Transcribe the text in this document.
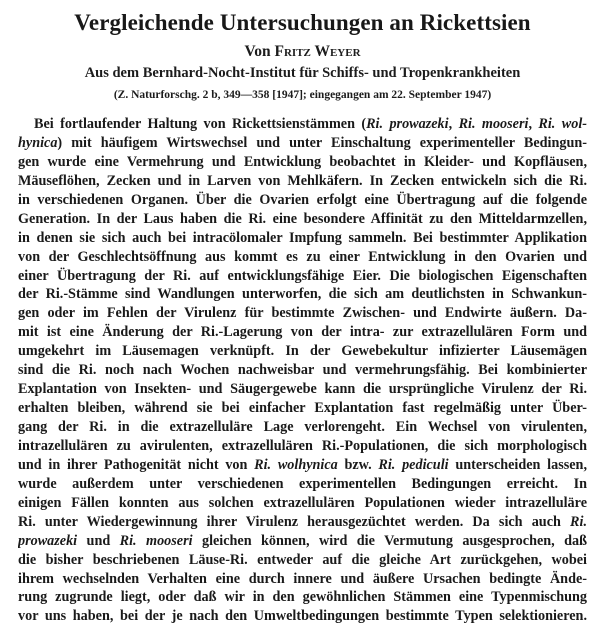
Vergleichende Untersuchungen an Rickettsien
Von Fritz Weyer
Aus dem Bernhard-Nocht-Institut für Schiffs- und Tropenkrankheiten
(Z. Naturforschg. 2 b, 349—358 [1947]; eingegangen am 22. September 1947)
Bei fortlaufender Haltung von Rickettsienstämmen (Ri. prowazeki, Ri. mooseri, Ri. wol-
hynica) mit häufigem Wirtswechsel und unter Einschaltung experimenteller Bedingun-
gen wurde eine Vermehrung und Entwicklung beobachtet in Kleider- und Kopfläusen,
Mäuseflöhen, Zecken und in Larven von Mehlkäfern. In Zecken entwickeln sich die Ri.
in verschiedenen Organen. Über die Ovarien erfolgt eine Übertragung auf die folgende
Generation. In der Laus haben die Ri. eine besondere Affinität zu den Mitteldarmzellen,
in denen sie sich auch bei intracölomaler Impfung sammeln. Bei bestimmter Applikation
von der Geschlechtsöffnung aus kommt es zu einer Entwicklung in den Ovarien und
einer Übertragung der Ri. auf entwicklungsfähige Eier. Die biologischen Eigenschaften
der Ri.-Stämme sind Wandlungen unterworfen, die sich am deutlichsten in Schwankun-
gen oder im Fehlen der Virulenz für bestimmte Zwischen- und Endwirte äußern. Da-
mit ist eine Änderung der Ri.-Lagerung von der intra- zur extrazellulären Form und
umgekehrt im Läusemagen verknüpft. In der Gewebekultur infizierter Läusemägen
sind die Ri. noch nach Wochen nachweisbar und vermehrungsfähig. Bei kombinierter
Explantation von Insekten- und Säugergewebe kann die ursprüngliche Virulenz der Ri.
erhalten bleiben, während sie bei einfacher Explantation fast regelmäßig unter Über-
gang der Ri. in die extrazelluläre Lage verlorengeht. Ein Wechsel von virulenten,
intrazellulären zu avirulenten, extrazellulären Ri.-Populationen, die sich morphologisch
und in ihrer Pathogenität nicht von Ri. wolhynica bzw. Ri. pediculi unterscheiden lassen,
wurde außerdem unter verschiedenen experimentellen Bedingungen erreicht. In
einigen Fällen konnten aus solchen extrazellulären Populationen wieder intrazelluläre
Ri. unter Wiedergewinnung ihrer Virulenz herausgezüchtet werden. Da sich auch Ri.
prowazeki und Ri. mooseri gleichen können, wird die Vermutung ausgesprochen, daß
die bisher beschriebenen Läuse-Ri. entweder auf die gleiche Art zurückgehen, wobei
ihrem wechselnden Verhalten eine durch innere und äußere Ursachen bedingte Ände-
rung zugrunde liegt, oder daß wir in den gewöhnlichen Stämmen eine Typenmischung
vor uns haben, bei der je nach den Umweltbedingungen bestimmte Typen selektionieren.
